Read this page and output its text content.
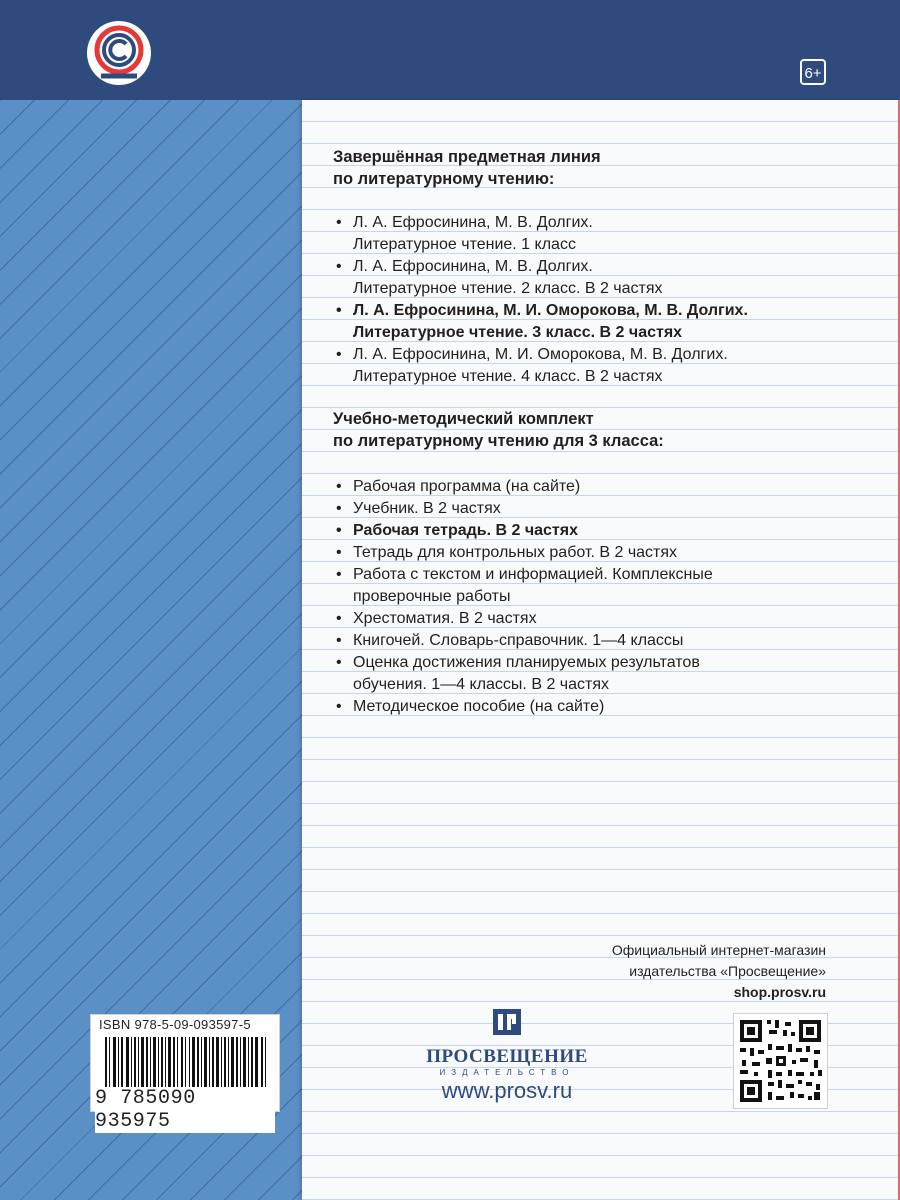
6+
Завершённая предметная линия
по литературному чтению:
• Л. А. Ефросинина, М. В. Долгих.
Литературное чтение. 1 класс
• Л. А. Ефросинина, М. В. Долгих.
Литературное чтение. 2 класс. В 2 частях
• Л. А. Ефросинина, М. И. Оморокова, М. В. Долгих.
Литературное чтение. 3 класс. В 2 частях
• Л. А. Ефросинина, М. И. Оморокова, М. В. Долгих.
Литературное чтение. 4 класс. В 2 частях
Учебно-методический комплект
по литературному чтению для 3 класса:
• Рабочая программа (на сайте)
• Учебник. В 2 частях
• Рабочая тетрадь. В 2 частях
• Тетрадь для контрольных работ. В 2 частях
• Работа с текстом и информацией. Комплексные
проверочные работы
• Хрестоматия. В 2 частях
• Книгочей. Словарь-справочник. 1—4 классы
• Оценка достижения планируемых результатов
обучения. 1—4 классы. В 2 частях
• Методическое пособие (на сайте)
Официальный интернет-магазин
издательства «Просвещение»
shop.prosv.ru
ISBN 978-5-09-093597-5
9 785090 935975
ПРОСВЕЩЕНИЕ
ИЗДАТЕЛЬСТВО
www.prosv.ru
